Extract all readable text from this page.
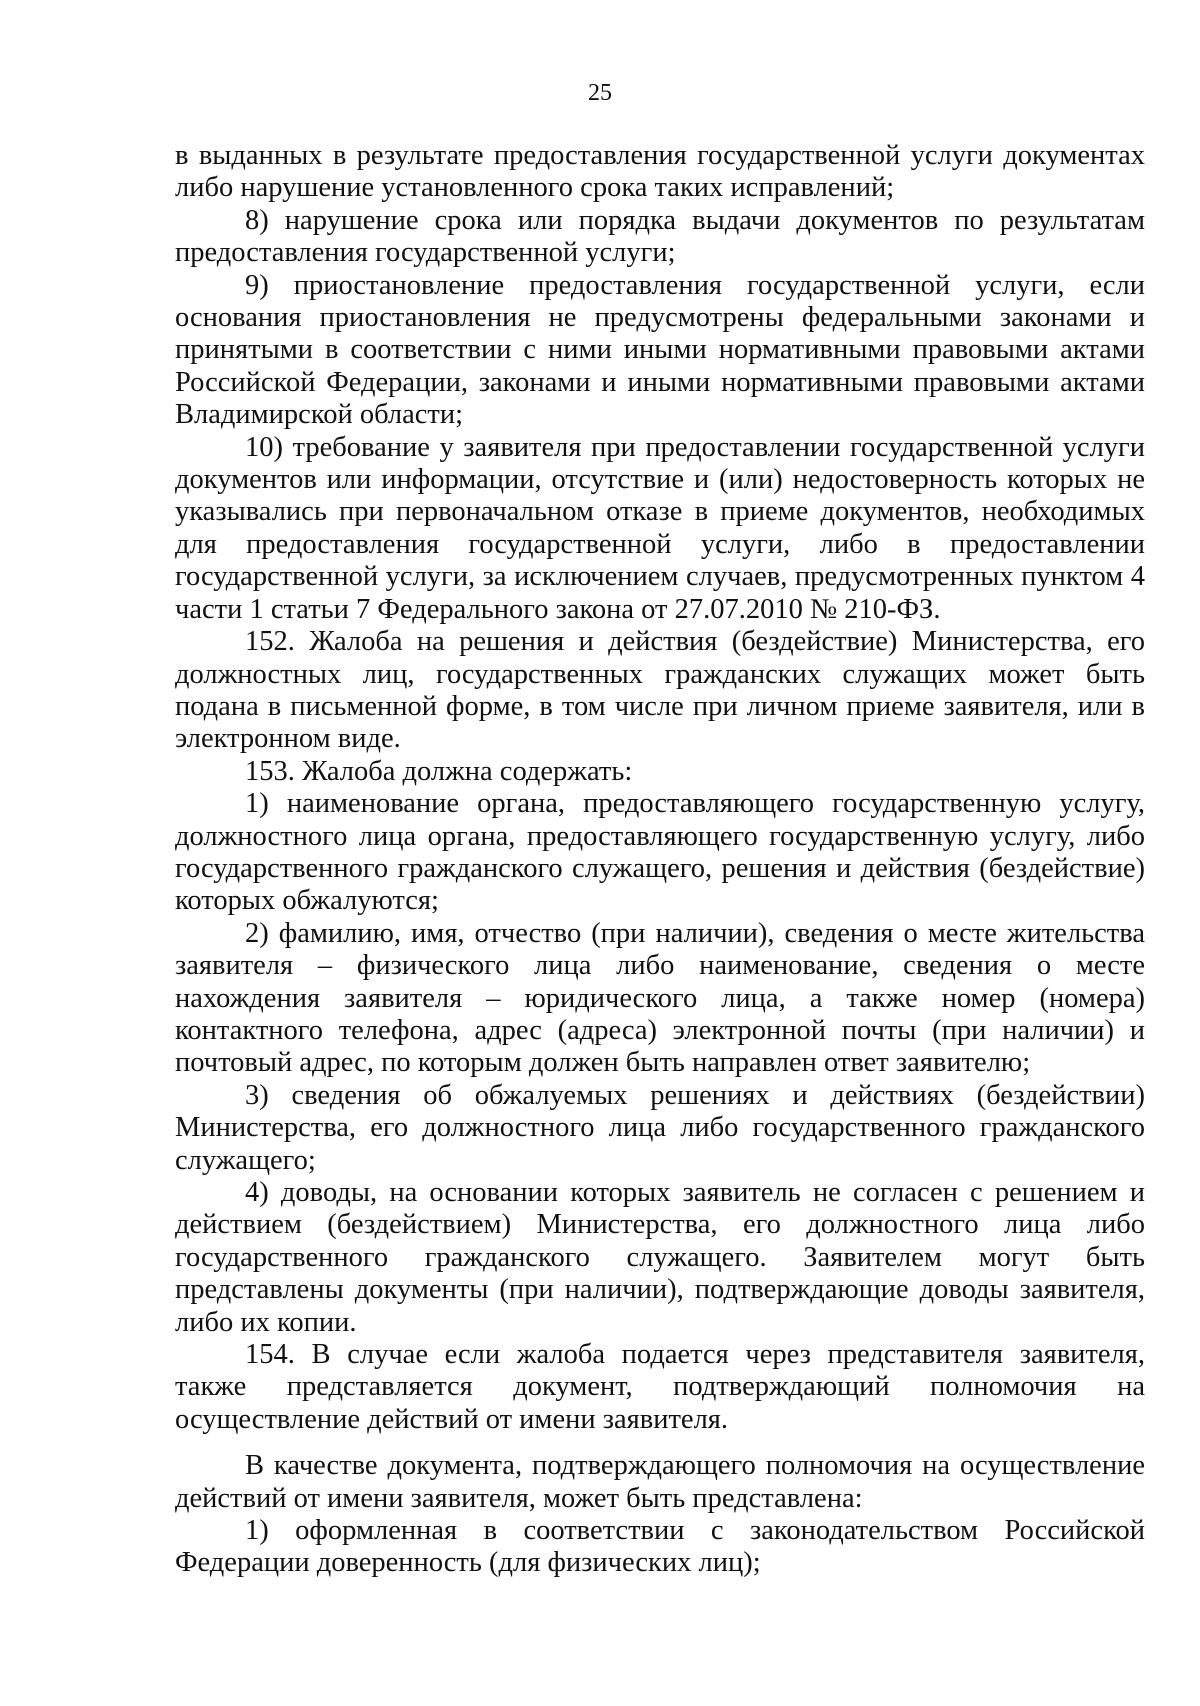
25

в выданных в результате предоставления государственной услуги документах либо нарушение установленного срока таких исправлений;

8) нарушение срока или порядка выдачи документов по результатам предоставления государственной услуги;

9) приостановление предоставления государственной услуги, если основания приостановления не предусмотрены федеральными законами и принятыми в соответствии с ними иными нормативными правовыми актами Российской Федерации, законами и иными нормативными правовыми актами Владимирской области;

10) требование у заявителя при предоставлении государственной услуги документов или информации, отсутствие и (или) недостоверность которых не указывались при первоначальном отказе в приеме документов, необходимых для предоставления государственной услуги, либо в предоставлении государственной услуги, за исключением случаев, предусмотренных пунктом 4 части 1 статьи 7 Федерального закона от 27.07.2010 № 210-ФЗ.

152. Жалоба на решения и действия (бездействие) Министерства, его должностных лиц, государственных гражданских служащих может быть подана в письменной форме, в том числе при личном приеме заявителя, или в электронном виде.

153. Жалоба должна содержать:

1) наименование органа, предоставляющего государственную услугу, должностного лица органа, предоставляющего государственную услугу, либо государственного гражданского служащего, решения и действия (бездействие) которых обжалуются;

2) фамилию, имя, отчество (при наличии), сведения о месте жительства заявителя – физического лица либо наименование, сведения о месте нахождения заявителя – юридического лица, а также номер (номера) контактного телефона, адрес (адреса) электронной почты (при наличии) и почтовый адрес, по которым должен быть направлен ответ заявителю;

3) сведения об обжалуемых решениях и действиях (бездействии) Министерства, его должностного лица либо государственного гражданского служащего;

4) доводы, на основании которых заявитель не согласен с решением и действием (бездействием) Министерства, его должностного лица либо государственного гражданского служащего. Заявителем могут быть представлены документы (при наличии), подтверждающие доводы заявителя, либо их копии.

154. В случае если жалоба подается через представителя заявителя, также представляется документ, подтверждающий полномочия на осуществление действий от имени заявителя.

В качестве документа, подтверждающего полномочия на осуществление действий от имени заявителя, может быть представлена:

1) оформленная в соответствии с законодательством Российской Федерации доверенность (для физических лиц);
